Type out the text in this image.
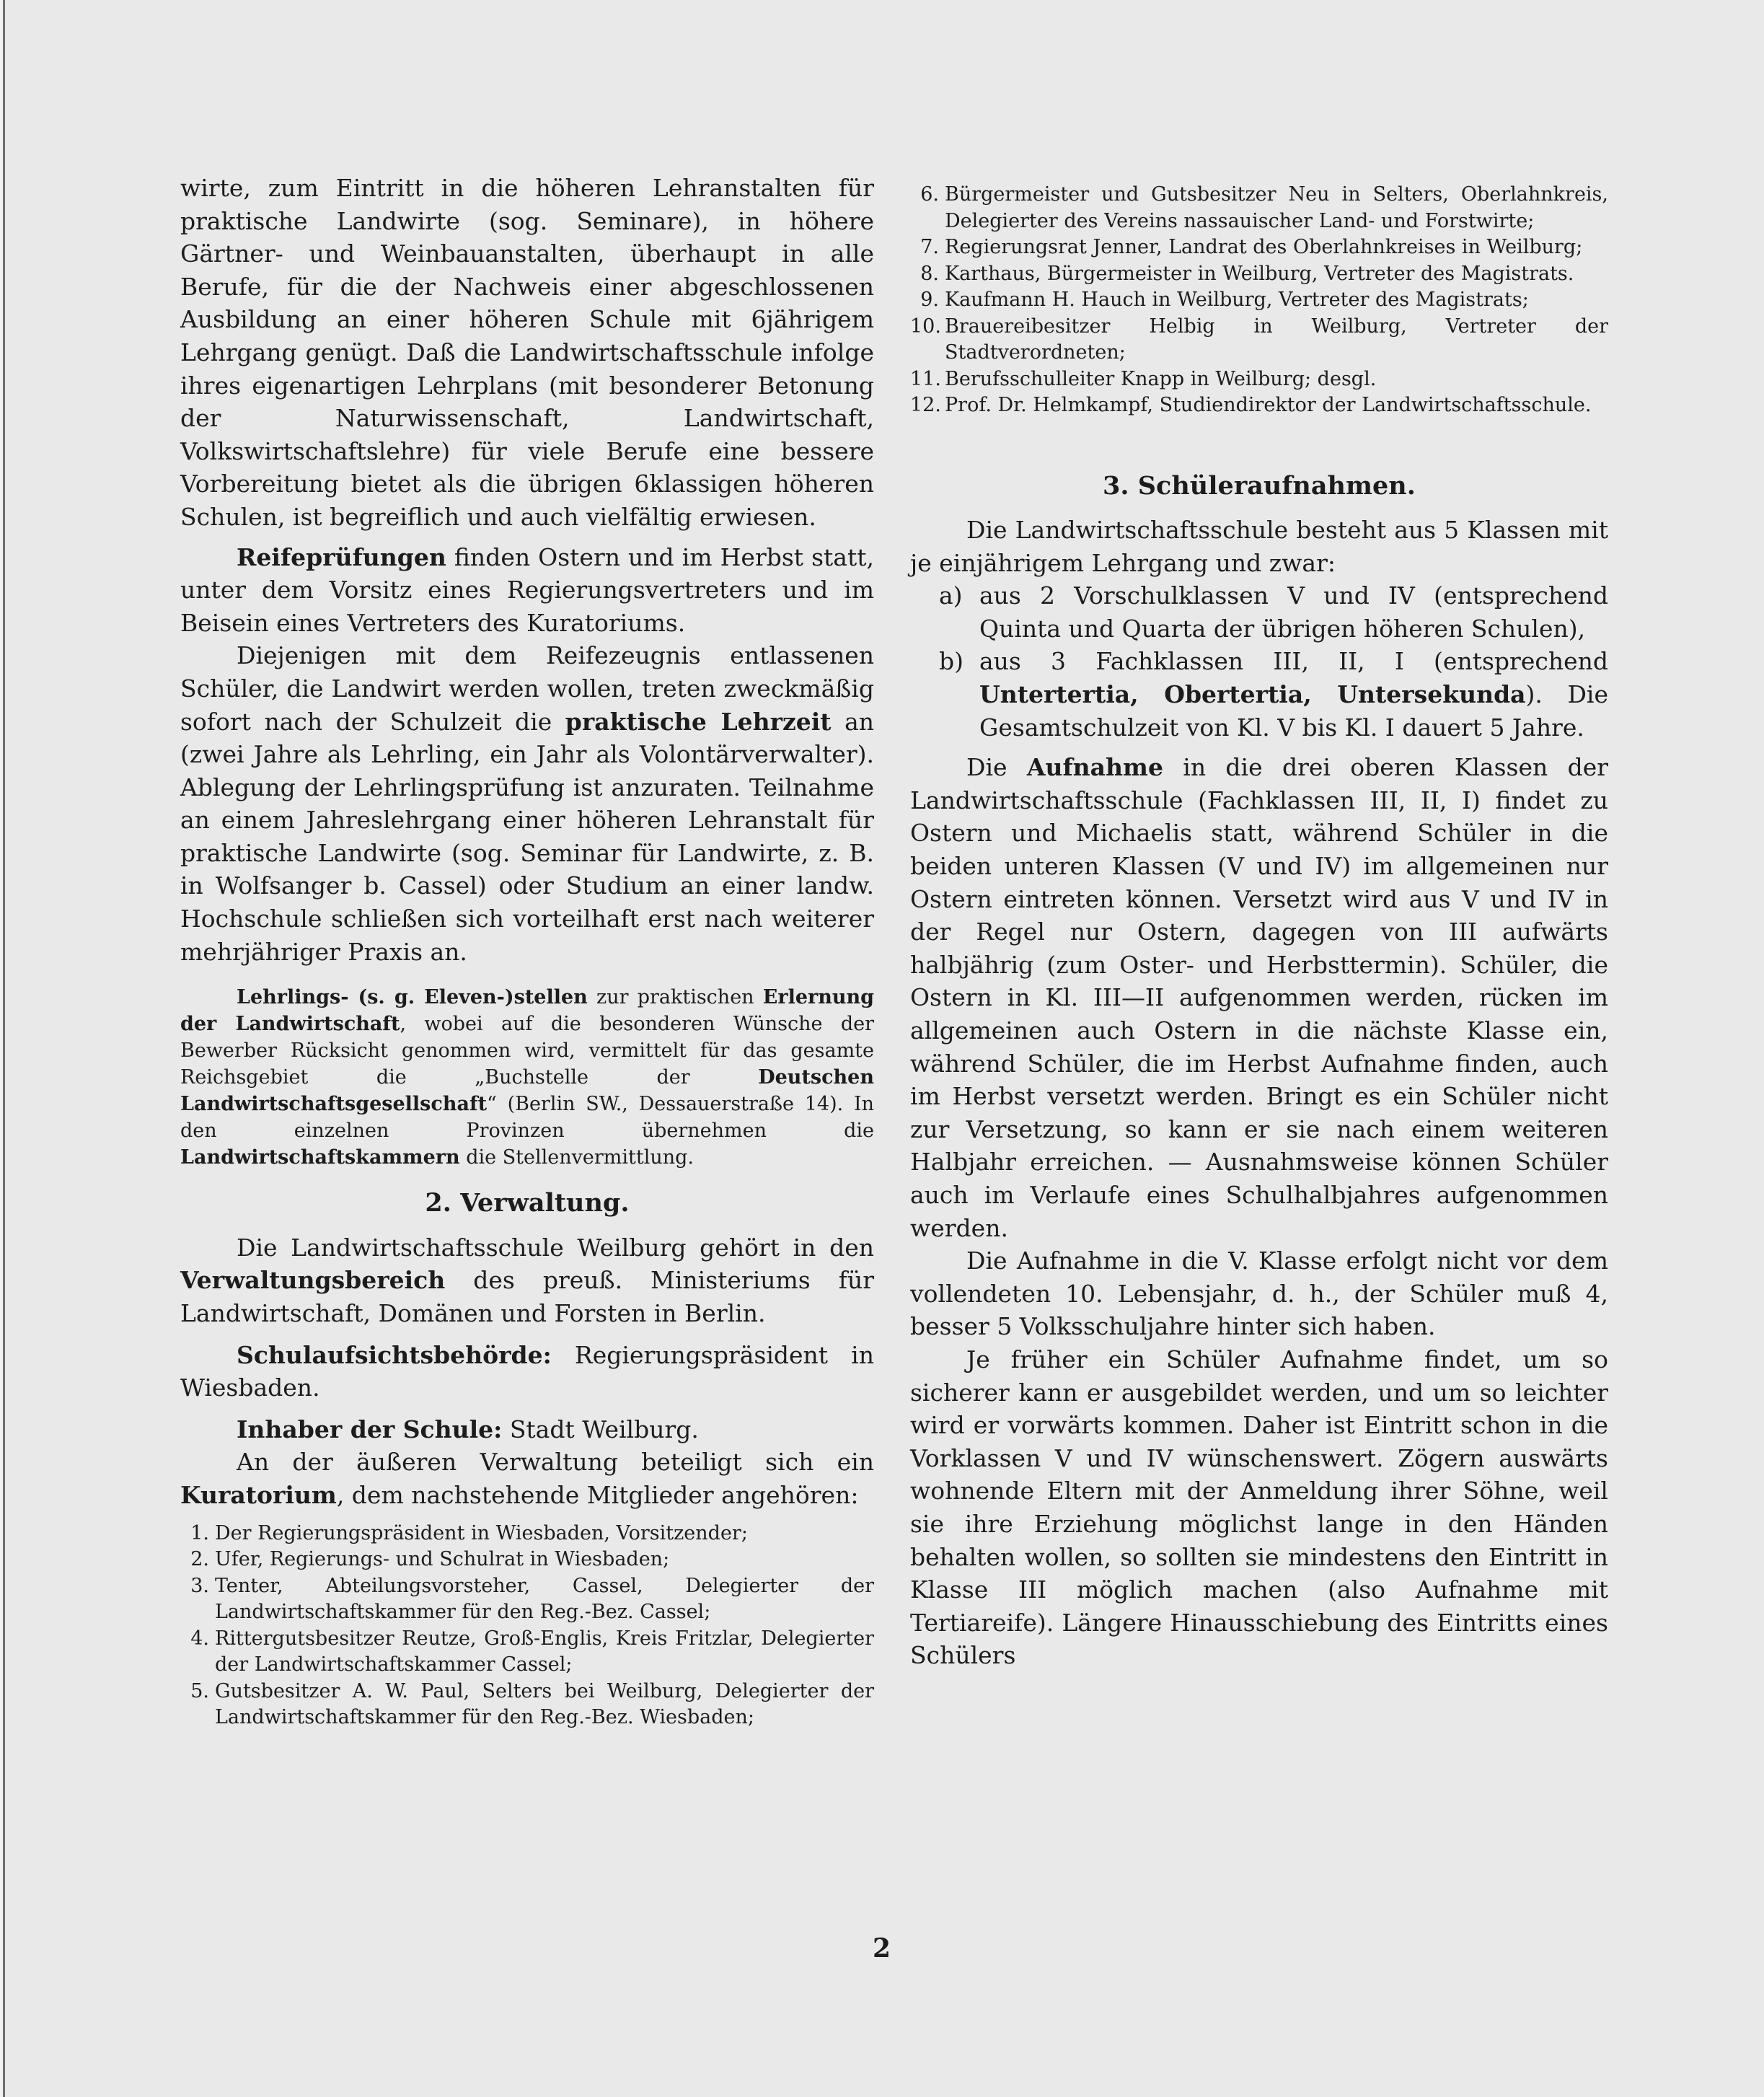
wirte, zum Eintritt in die höheren Lehranstalten für praktische Landwirte (sog. Seminare), in höhere Gärtner- und Weinbauanstalten, überhaupt in alle Berufe, für die der Nachweis einer abgeschlossenen Ausbildung an einer höheren Schule mit 6jährigem Lehrgang genügt. Daß die Landwirtschaftsschule infolge ihres eigenartigen Lehrplans (mit besonderer Betonung der Naturwissenschaft, Landwirtschaft, Volkswirtschaftslehre) für viele Berufe eine bessere Vorbereitung bietet als die übrigen 6klassigen höheren Schulen, ist begreiflich und auch vielfältig erwiesen.

Reifeprüfungen finden Ostern und im Herbst statt, unter dem Vorsitz eines Regierungsvertreters und im Beisein eines Vertreters des Kuratoriums.

Diejenigen mit dem Reifezeugnis entlassenen Schüler, die Landwirt werden wollen, treten zweckmäßig sofort nach der Schulzeit die praktische Lehrzeit an (zwei Jahre als Lehrling, ein Jahr als Volontärverwalter). Ablegung der Lehrlingsprüfung ist anzuraten. Teilnahme an einem Jahreslehrgang einer höheren Lehranstalt für praktische Landwirte (sog. Seminar für Landwirte, z. B. in Wolfsanger b. Cassel) oder Studium an einer landw. Hochschule schließen sich vorteilhaft erst nach weiterer mehrjähriger Praxis an.

Lehrlings- (s. g. Eleven-)stellen zur praktischen Erlernung der Landwirtschaft, wobei auf die besonderen Wünsche der Bewerber Rücksicht genommen wird, vermittelt für das gesamte Reichsgebiet die „Buchstelle der Deutschen Landwirtschaftsgesellschaft“ (Berlin SW., Dessauerstraße 14). In den einzelnen Provinzen übernehmen die Landwirtschaftskammern die Stellenvermittlung.

2. Verwaltung.

Die Landwirtschaftsschule Weilburg gehört in den Verwaltungsbereich des preuß. Ministeriums für Landwirtschaft, Domänen und Forsten in Berlin.

Schulaufsichtsbehörde: Regierungspräsident in Wiesbaden.

Inhaber der Schule: Stadt Weilburg.

An der äußeren Verwaltung beteiligt sich ein Kuratorium, dem nachstehende Mitglieder angehören:

1. Der Regierungspräsident in Wiesbaden, Vorsitzender;
2. Ufer, Regierungs- und Schulrat in Wiesbaden;
3. Tenter, Abteilungsvorsteher, Cassel, Delegierter der Landwirtschaftskammer für den Reg.-Bez. Cassel;
4. Rittergutsbesitzer Reutze, Groß-Englis, Kreis Fritzlar, Delegierter der Landwirtschaftskammer Cassel;
5. Gutsbesitzer A. W. Paul, Selters bei Weilburg, Delegierter der Landwirtschaftskammer für den Reg.-Bez. Wiesbaden;
6. Bürgermeister und Gutsbesitzer Neu in Selters, Oberlahnkreis, Delegierter des Vereins nassauischer Land- und Forstwirte;
7. Regierungsrat Jenner, Landrat des Oberlahnkreises in Weilburg;
8. Karthaus, Bürgermeister in Weilburg, Vertreter des Magistrats.
9. Kaufmann H. Hauch in Weilburg, Vertreter des Magistrats;
10. Brauereibesitzer Helbig in Weilburg, Vertreter der Stadtverordneten;
11. Berufsschulleiter Knapp in Weilburg; desgl.
12. Prof. Dr. Helmkampf, Studiendirektor der Landwirtschaftsschule.
3. Schüleraufnahmen.

Die Landwirtschaftsschule besteht aus 5 Klassen mit je einjährigem Lehrgang und zwar:

a) aus 2 Vorschulklassen V und IV (entsprechend Quinta und Quarta der übrigen höheren Schulen),
b) aus 3 Fachklassen III, II, I (entsprechend Untertertia, Obertertia, Untersekunda). Die Gesamtschulzeit von Kl. V bis Kl. I dauert 5 Jahre.

Die Aufnahme in die drei oberen Klassen der Landwirtschaftsschule (Fachklassen III, II, I) findet zu Ostern und Michaelis statt, während Schüler in die beiden unteren Klassen (V und IV) im allgemeinen nur Ostern eintreten können. Versetzt wird aus V und IV in der Regel nur Ostern, dagegen von III aufwärts halbjährig (zum Oster- und Herbsttermin). Schüler, die Ostern in Kl. III—II aufgenommen werden, rücken im allgemeinen auch Ostern in die nächste Klasse ein, während Schüler, die im Herbst Aufnahme finden, auch im Herbst versetzt werden. Bringt es ein Schüler nicht zur Versetzung, so kann er sie nach einem weiteren Halbjahr erreichen. — Ausnahmsweise können Schüler auch im Verlaufe eines Schulhalbjahres aufgenommen werden.

Die Aufnahme in die V. Klasse erfolgt nicht vor dem vollendeten 10. Lebensjahr, d. h., der Schüler muß 4, besser 5 Volksschuljahre hinter sich haben.

Je früher ein Schüler Aufnahme findet, um so sicherer kann er ausgebildet werden, und um so leichter wird er vorwärts kommen. Daher ist Eintritt schon in die Vorklassen V und IV wünschenswert. Zögern auswärts wohnende Eltern mit der Anmeldung ihrer Söhne, weil sie ihre Erziehung möglichst lange in den Händen behalten wollen, so sollten sie mindestens den Eintritt in Klasse III möglich machen (also Aufnahme mit Tertiareife). Längere Hinausschiebung des Eintritts eines Schülers

2
